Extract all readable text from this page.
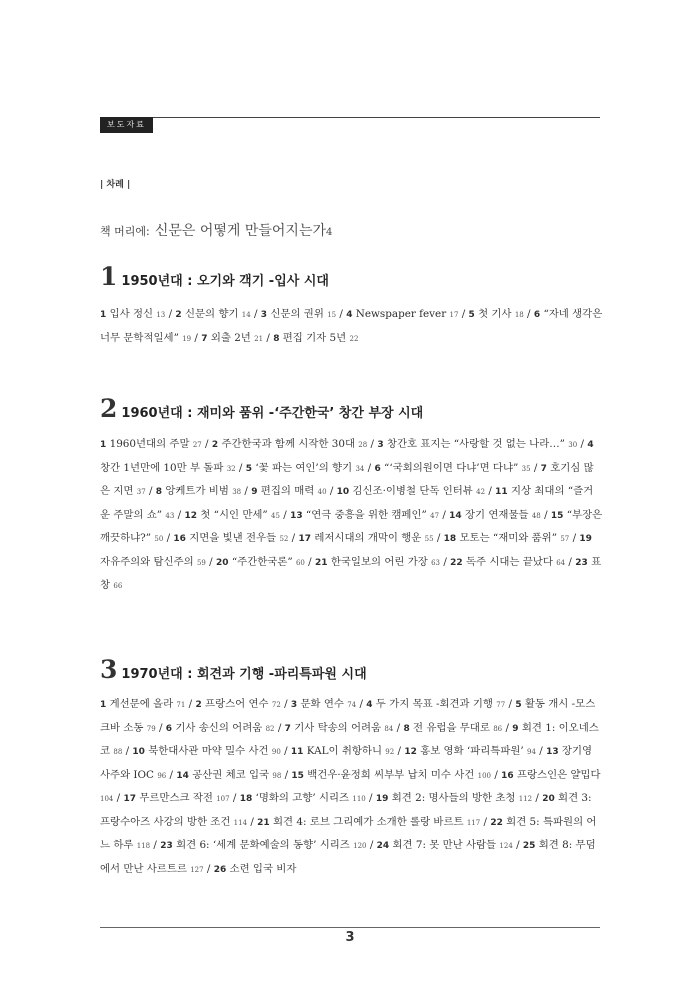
보도자료
| 차례 |
책 머리에: 신문은 어떻게 만들어지는가4
1 1950년대 : 오기와 객기 -입사 시대
1 입사 정신 13 / 2 신문의 향기 14 / 3 신문의 권위 15 / 4 Newspaper fever 17 / 5 첫 기사 18 / 6 “자네 생각은 너무 문학적일세” 19 / 7 외출 2년 21 / 8 편집 기자 5년 22
2 1960년대 : 재미와 품위 -‘주간한국’ 창간 부장 시대
1 1960년대의 주말 27 / 2 주간한국과 함께 시작한 30대 28 / 3 창간호 표지는 “사랑할 것 없는 나라…” 30 / 4 창간 1년만에 10만 부 돌파 32 / 5 ‘꽃 파는 여인’의 향기 34 / 6 “‘국회의원이면 다냐’면 다냐” 35 / 7 호기심 많은 지면 37 / 8 앙케트가 비범 38 / 9 편집의 매력 40 / 10 김신조·이병철 단독 인터뷰 42 / 11 지상 최대의 “즐거운 주말의 쇼” 43 / 12 첫 “시인 만세” 45 / 13 “연극 중흥을 위한 캠페인” 47 / 14 장기 연재물들 48 / 15 “부장은 깨끗하냐?” 50 / 16 지면을 빛낸 전우들 52 / 17 레저시대의 개막이 행운 55 / 18 모토는 “재미와 품위” 57 / 19 자유주의와 탐신주의 59 / 20 “주간한국론” 60 / 21 한국일보의 어린 가장 63 / 22 독주 시대는 끝났다 64 / 23 표창 66
3 1970년대 : 회견과 기행 -파리특파원 시대
1 게선문에 올라 71 / 2 프랑스어 연수 72 / 3 문화 연수 74 / 4 두 가지 목표 -회견과 기행 77 / 5 활동 개시 -모스크바 소동 79 / 6 기사 송신의 어려움 82 / 7 기사 탁송의 어려움 84 / 8 전 유럽을 무대로 86 / 9 회견 1: 이오네스코 88 / 10 북한대사관 마약 밀수 사건 90 / 11 KAL이 취항하니 92 / 12 홍보 영화 ‘파리특파원’ 94 / 13 장기영 사주와 IOC 96 / 14 공산권 체코 입국 98 / 15 백건우·윤정희 씨부부 납치 미수 사건 100 / 16 프랑스인은 얄밉다 104 / 17 무르만스크 작전 107 / 18 ‘명화의 고향’ 시리즈 110 / 19 회견 2: 명사들의 방한 초청 112 / 20 회견 3: 프랑수아즈 사강의 방한 조건 114 / 21 회견 4: 로브 그리예가 소개한 롤랑 바르트 117 / 22 회견 5: 특파원의 어느 하루 118 / 23 회견 6: ‘세계 문화예술의 동향’ 시리즈 120 / 24 회견 7: 못 만난 사람들 124 / 25 회견 8: 무덤에서 만난 사르트르 127 / 26 소련 입국 비자
3
